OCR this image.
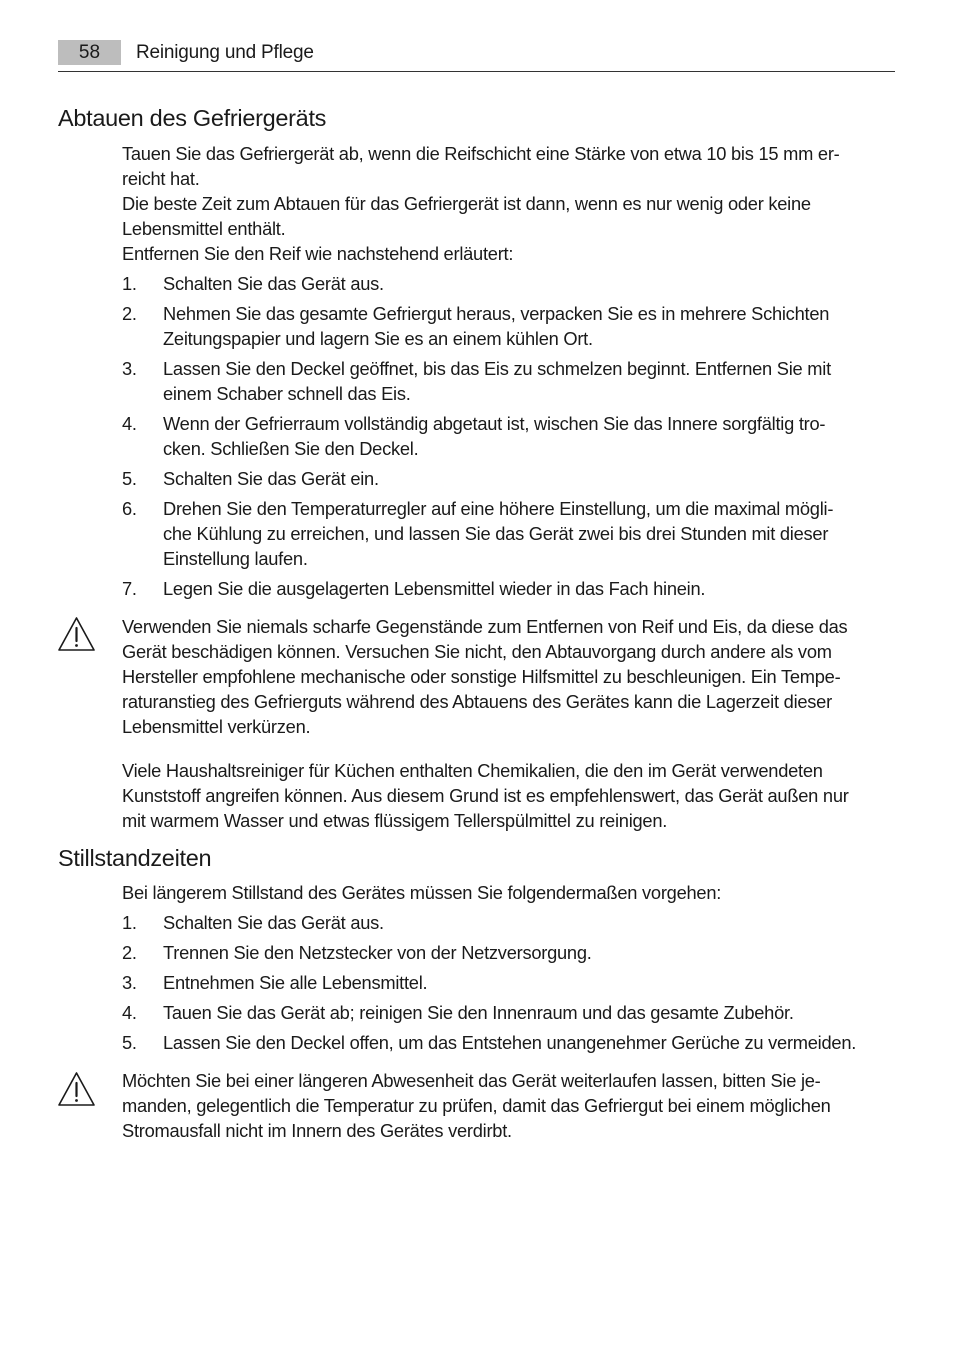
58	Reinigung und Pflege
Abtauen des Gefriergeräts

Tauen Sie das Gefriergerät ab, wenn die Reifschicht eine Stärke von etwa 10 bis 15 mm er-
reicht hat.
Die beste Zeit zum Abtauen für das Gefriergerät ist dann, wenn es nur wenig oder keine
Lebensmittel enthält.
Entfernen Sie den Reif wie nachstehend erläutert:

1. Schalten Sie das Gerät aus.
2. Nehmen Sie das gesamte Gefriergut heraus, verpacken Sie es in mehrere Schichten
Zeitungspapier und lagern Sie es an einem kühlen Ort.
3. Lassen Sie den Deckel geöffnet, bis das Eis zu schmelzen beginnt. Entfernen Sie mit
einem Schaber schnell das Eis.
4. Wenn der Gefrierraum vollständig abgetaut ist, wischen Sie das Innere sorgfältig tro-
cken. Schließen Sie den Deckel.
5. Schalten Sie das Gerät ein.
6. Drehen Sie den Temperaturregler auf eine höhere Einstellung, um die maximal mögli-
che Kühlung zu erreichen, und lassen Sie das Gerät zwei bis drei Stunden mit dieser
Einstellung laufen.
7. Legen Sie die ausgelagerten Lebensmittel wieder in das Fach hinein.

Verwenden Sie niemals scharfe Gegenstände zum Entfernen von Reif und Eis, da diese das
Gerät beschädigen können. Versuchen Sie nicht, den Abtauvorgang durch andere als vom
Hersteller empfohlene mechanische oder sonstige Hilfsmittel zu beschleunigen. Ein Tempe-
raturanstieg des Gefrierguts während des Abtauens des Gerätes kann die Lagerzeit dieser
Lebensmittel verkürzen.

Viele Haushaltsreiniger für Küchen enthalten Chemikalien, die den im Gerät verwendeten
Kunststoff angreifen können. Aus diesem Grund ist es empfehlenswert, das Gerät außen nur
mit warmem Wasser und etwas flüssigem Tellerspülmittel zu reinigen.

Stillstandzeiten

Bei längerem Stillstand des Gerätes müssen Sie folgendermaßen vorgehen:

1. Schalten Sie das Gerät aus.
2. Trennen Sie den Netzstecker von der Netzversorgung.
3. Entnehmen Sie alle Lebensmittel.
4. Tauen Sie das Gerät ab; reinigen Sie den Innenraum und das gesamte Zubehör.
5. Lassen Sie den Deckel offen, um das Entstehen unangenehmer Gerüche zu vermeiden.

Möchten Sie bei einer längeren Abwesenheit das Gerät weiterlaufen lassen, bitten Sie je-
manden, gelegentlich die Temperatur zu prüfen, damit das Gefriergut bei einem möglichen
Stromausfall nicht im Innern des Gerätes verdirbt.
